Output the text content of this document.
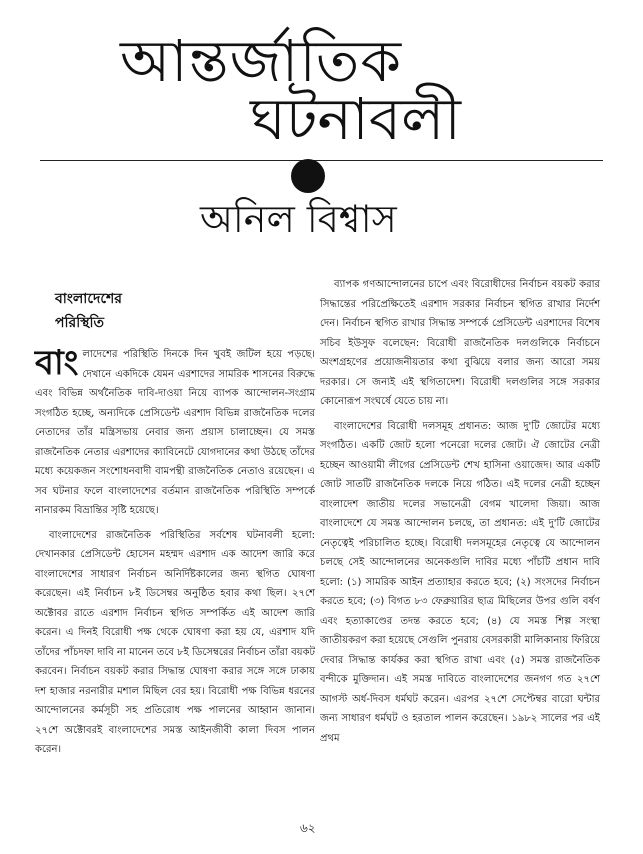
আন্তর্জাতিক
ঘটনাবলী
অনিল বিশ্বাস
বাংলাদেশের
পরিস্থিতি

বাংলাদেশের পরিস্থিতি দিনকে দিন খুবই জটিল হয়ে পড়ছে। দেখানে একদিকে যেমন এরশাদের সামরিক শাসনের বিরুদ্ধে এবং বিভিন্ন অর্থনৈতিক দাবি-দাওয়া নিয়ে ব্যাপক আন্দোলন-সংগ্রাম সংগঠিত হচ্ছে, অন্যদিকে প্রেসিডেন্ট এরশাদ বিভিন্ন রাজনৈতিক দলের নেতাদের তাঁর মন্ত্রিসভায় নেবার জন্য প্রয়াস চালাচ্ছেন। যে সমস্ত রাজনৈতিক নেতার এরশাদের ক্যাবিনেটে যোগদানের কথা উঠছে তাঁদের মধ্যে কয়েকজন সংশোধনবাদী বামপন্থী রাজনৈতিক নেতাও রয়েছেন। এ সব ঘটনার ফলে বাংলাদেশের বর্তমান রাজনৈতিক পরিস্থিতি সম্পর্কে নানারকম বিভ্রান্তির সৃষ্টি হয়েছে।

বাংলাদেশের রাজনৈতিক পরিস্থিতির সর্বশেষ ঘটনাবলী হলো: দেখানকার প্রেসিডেন্ট হোসেন মহম্মদ এরশাদ এক আদেশ জারি করে বাংলাদেশের সাধারণ নির্বাচন অনির্দিষ্টকালের জন্য স্থগিত ঘোষণা করেছেন। এই নির্বাচন ৮ই ডিসেম্বর অনুষ্ঠিত হবার কথা ছিল। ২৭শে অক্টোবর রাতে এরশাদ নির্বাচন স্থগিত সম্পর্কিত এই আদেশ জারি করেন। এ দিনই বিরোধী পক্ষ থেকে ঘোষণা করা হয় যে, এরশাদ যদি তাঁদের পাঁচদফা দাবি না মানেন তবে ৮ই ডিসেম্বরের নির্বাচন তাঁরা বয়কট করবেন। নির্বাচন বয়কট করার সিদ্ধান্ত ঘোষণা করার সঙ্গে সঙ্গে ঢাকায় দশ হাজার নরনারীর মশাল মিছিল বের হয়। বিরোধী পক্ষ বিভিন্ন ধরনের আন্দোলনের কর্মসূচী সহ প্রতিরোধ পক্ষ পালনের আহ্বান জানান। ২৭শে অক্টোবরই বাংলাদেশের সমস্ত আইনজীবী কালা দিবস পালন করেন।

ব্যাপক গণআন্দোলনের চাপে এবং বিরোধীদের নির্বাচন বয়কট করার সিদ্ধান্তের পরিপ্রেক্ষিতেই এরশাদ সরকার নির্বাচন স্থগিত রাখার নির্দেশ দেন। নির্বাচন স্থগিত রাখার সিদ্ধান্ত সম্পর্কে প্রেসিডেন্ট এরশাদের বিশেষ সচিব ইউসুফ বলেছেন: বিরোধী রাজনৈতিক দলগুলিকে নির্বাচনে অংশগ্রহণের প্রয়োজনীয়তার কথা বুঝিয়ে বলার জন্য আরো সময় দরকার। সে জন্যই এই স্থগিতাদেশ। বিরোধী দলগুলির সঙ্গে সরকার কোনোরূপ সংঘর্ষে যেতে চায় না।

বাংলাদেশের বিরোধী দলসমূহ প্রধানত: আজ দু'টি জোটের মধ্যে সংগঠিত। একটি জোট হলো পনেরো দলের জোট। ঐ জোটের নেত্রী হচ্ছেন আওয়ামী লীগের প্রেসিডেন্ট শেখ হাসিনা ওয়াজেদ। আর একটি জোট সাতটি রাজনৈতিক দলকে নিয়ে গঠিত। এই দলের নেত্রী হচ্ছেন বাংলাদেশ জাতীয় দলের সভানেত্রী বেগম খালেদা জিয়া। আজ বাংলাদেশে যে সমস্ত আন্দোলন চলছে, তা প্রধানত: এই দু'টি জোটের নেতৃত্বেই পরিচালিত হচ্ছে। বিরোধী দলসমূহের নেতৃত্বে যে আন্দোলন চলছে সেই আন্দোলনের অনেকগুলি দাবির মধ্যে পাঁচটি প্রধান দাবি হলো: (১) সামরিক আইন প্রত্যাহার করতে হবে; (২) সংসদের নির্বাচন করতে হবে; (৩) বিগত ৮৩ ফেব্রুয়ারির ছাত্র মিছিলের উপর গুলি বর্ষণ এবং হত্যাকাণ্ডের তদন্ত করতে হবে; (৪) যে সমস্ত শিল্প সংস্থা জাতীয়করণ করা হয়েছে সেগুলি পুনরায় বেসরকারী মালিকানায় ফিরিয়ে দেবার সিদ্ধান্ত কার্যকর করা স্থগিত রাখা এবং (৫) সমস্ত রাজনৈতিক বন্দীকে মুক্তিদান। এই সমস্ত দাবিতে বাংলাদেশের জনগণ গত ২৭শে আগস্ট অর্ধ-দিবস ধর্মঘট করেন। এরপর ২৭শে সেপ্টেম্বর বারো ঘন্টার জন্য সাধারণ ধর্মঘট ও হরতাল পালন করেছেন। ১৯৮২ সালের পর এই প্রথম

৬২
